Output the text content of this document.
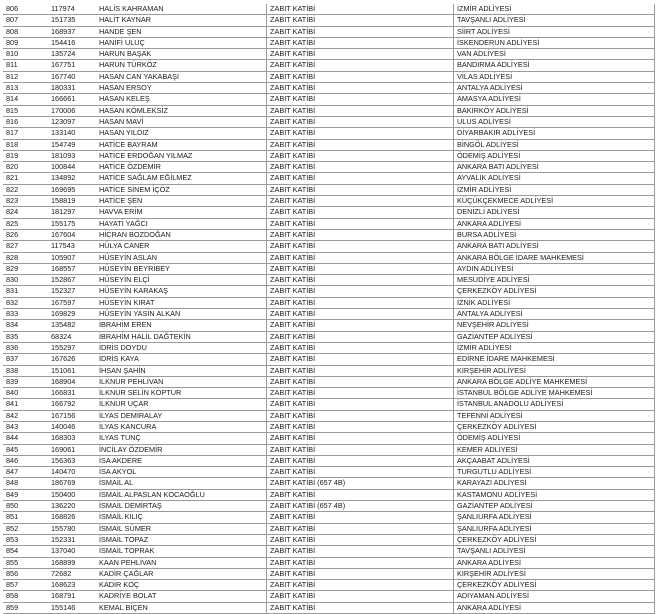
806	117974	HALİS KAHRAMAN	ZABIT KATİBİ	İZMİR ADLİYESİ
807	151735	HALİT KAYNAR	ZABIT KATİBİ	TAVŞANLI ADLİYESİ
808	168937	HANDE ŞEN	ZABIT KATİBİ	SİİRT ADLİYESİ
809	154416	HANİFİ ULUÇ	ZABIT KATİBİ	İSKENDERUN ADLİYESİ
810	135724	HARUN BAŞAK	ZABIT KATİBİ	VAN ADLİYESİ
811	167751	HARUN TÜRKÖZ	ZABIT KATİBİ	BANDIRMA ADLİYESİ
812	167740	HASAN CAN YAKABAŞI	ZABIT KATİBİ	VİLAS ADLİYESİ
813	180331	HASAN ERSOY	ZABIT KATİBİ	ANTALYA ADLİYESİ
814	166661	HASAN KELEŞ	ZABIT KATİBİ	AMASYA ADLİYESİ
815	170006	HASAN KÖMLEKSİZ	ZABIT KATİBİ	BAKIRKÖY ADLİYESİ
816	123097	HASAN MAVİ	ZABIT KATİBİ	ULUS ADLİYESİ
817	133140	HASAN YILDIZ	ZABIT KATİBİ	DİYARBAKIR ADLİYESİ
818	154749	HATİCE BAYRAM	ZABIT KATİBİ	BİNGÖL ADLİYESİ
819	181093	HATİCE ERDOĞAN YILMAZ	ZABIT KATİBİ	ÖDEMİŞ ADLİYESİ
820	100844	HATİCE ÖZDEMİR	ZABIT KATİBİ	ANKARA BATI ADLİYESİ
821	134892	HATİCE SAĞLAM EĞİLMEZ	ZABIT KATİBİ	AYVALIK ADLİYESİ
822	169695	HATİCE SİNEM İÇÖZ	ZABIT KATİBİ	İZMİR ADLİYESİ
823	158819	HATİCE ŞEN	ZABIT KATİBİ	KÜÇÜKÇEKMECE ADLİYESİ
824	181297	HAVVA ERİM	ZABIT KATİBİ	DENİZLİ ADLİYESİ
825	155175	HAYATİ YAĞCI	ZABIT KATİBİ	ANKARA ADLİYESİ
826	167604	HİCRAN BOZDOĞAN	ZABIT KATİBİ	BURSA ADLİYESİ
827	117543	HÜLYA CANER	ZABIT KATİBİ	ANKARA BATI ADLİYESİ
828	105907	HÜSEYİN ASLAN	ZABIT KATİBİ	ANKARA BÖLGE İDARE MAHKEMESİ
829	168557	HÜSEYİN BEYRİBEY	ZABIT KATİBİ	AYDIN ADLİYESİ
830	152867	HÜSEYİN ELÇİ	ZABIT KATİBİ	MESUDİYE ADLİYESİ
831	152327	HÜSEYİN KARAKAŞ	ZABIT KATİBİ	ÇERKEZKÖY ADLİYESİ
832	167597	HÜSEYİN KIRAT	ZABIT KATİBİ	İZNİK ADLİYESİ
833	169829	HÜSEYİN YASİN ALKAN	ZABIT KATİBİ	ANTALYA ADLİYESİ
834	135482	İBRAHİM EREN	ZABIT KATİBİ	NEVŞEHİR ADLİYESİ
835	68324	İBRAHİM HALİL DAĞTEKİN	ZABIT KATİBİ	GAZİANTEP ADLİYESİ
836	155297	İDRİS DOYDU	ZABIT KATİBİ	İZMİR ADLİYESİ
837	167626	İDRİS KAYA	ZABIT KATİBİ	EDİRNE İDARE MAHKEMESİ
838	151061	İHSAN ŞAHİN	ZABIT KATİBİ	KIRŞEHİR ADLİYESİ
839	168904	İLKNUR PEHLİVAN	ZABIT KATİBİ	ANKARA BÖLGE ADLİYE MAHKEMESİ
840	166831	İLKNUR SELİN KOPTUR	ZABIT KATİBİ	İSTANBUL BÖLGE ADLİYE MAHKEMESİ
841	166792	İLKNUR UÇAR	ZABIT KATİBİ	İSTANBUL ANADOLU ADLİYESİ
842	167156	İLYAS DEMİRALAY	ZABIT KATİBİ	TEFENNİ ADLİYESİ
843	140046	İLYAS KANCURA	ZABIT KATİBİ	ÇERKEZKÖY ADLİYESİ
844	168303	İLYAS TUNÇ	ZABIT KATİBİ	ÖDEMİŞ ADLİYESİ
845	169061	İNCİLAY ÖZDEMİR	ZABIT KATİBİ	KEMER ADLİYESİ
846	156363	İSA AKDERE	ZABIT KATİBİ	AKÇAABAT ADLİYESİ
847	140470	İSA AKYOL	ZABIT KATİBİ	TURGUTLU ADLİYESİ
848	186769	İSMAİL AL	ZABIT KATİBİ (657 4B)	KARAYAZI ADLİYESİ
849	150400	İSMAİL ALPASLAN KOCAOĞLU	ZABIT KATİBİ	KASTAMONU ADLİYESİ
850	136220	İSMAİL DEMİRTAŞ	ZABIT KATİBİ (657 4B)	GAZİANTEP ADLİYESİ
851	168826	İSMAİL KILIÇ	ZABIT KATİBİ	ŞANLIURFA ADLİYESİ
852	155780	İSMAİL SÜMER	ZABIT KATİBİ	ŞANLIURFA ADLİYESİ
853	152331	İSMAİL TOPAZ	ZABIT KATİBİ	ÇERKEZKÖY ADLİYESİ
854	137040	İSMAİL TOPRAK	ZABIT KATİBİ	TAVŞANLI ADLİYESİ
855	168899	KAAN PEHLİVAN	ZABIT KATİBİ	ANKARA ADLİYESİ
856	72682	KADİR ÇAĞLAR	ZABIT KATİBİ	KIRŞEHİR ADLİYESİ
857	168623	KADİR KOÇ	ZABIT KATİBİ	ÇERKEZKÖY ADLİYESİ
858	168791	KADRİYE BOLAT	ZABIT KATİBİ	ADIYAMAN ADLİYESİ
859	155146	KEMAL BİÇEN	ZABIT KATİBİ	ANKARA ADLİYESİ
